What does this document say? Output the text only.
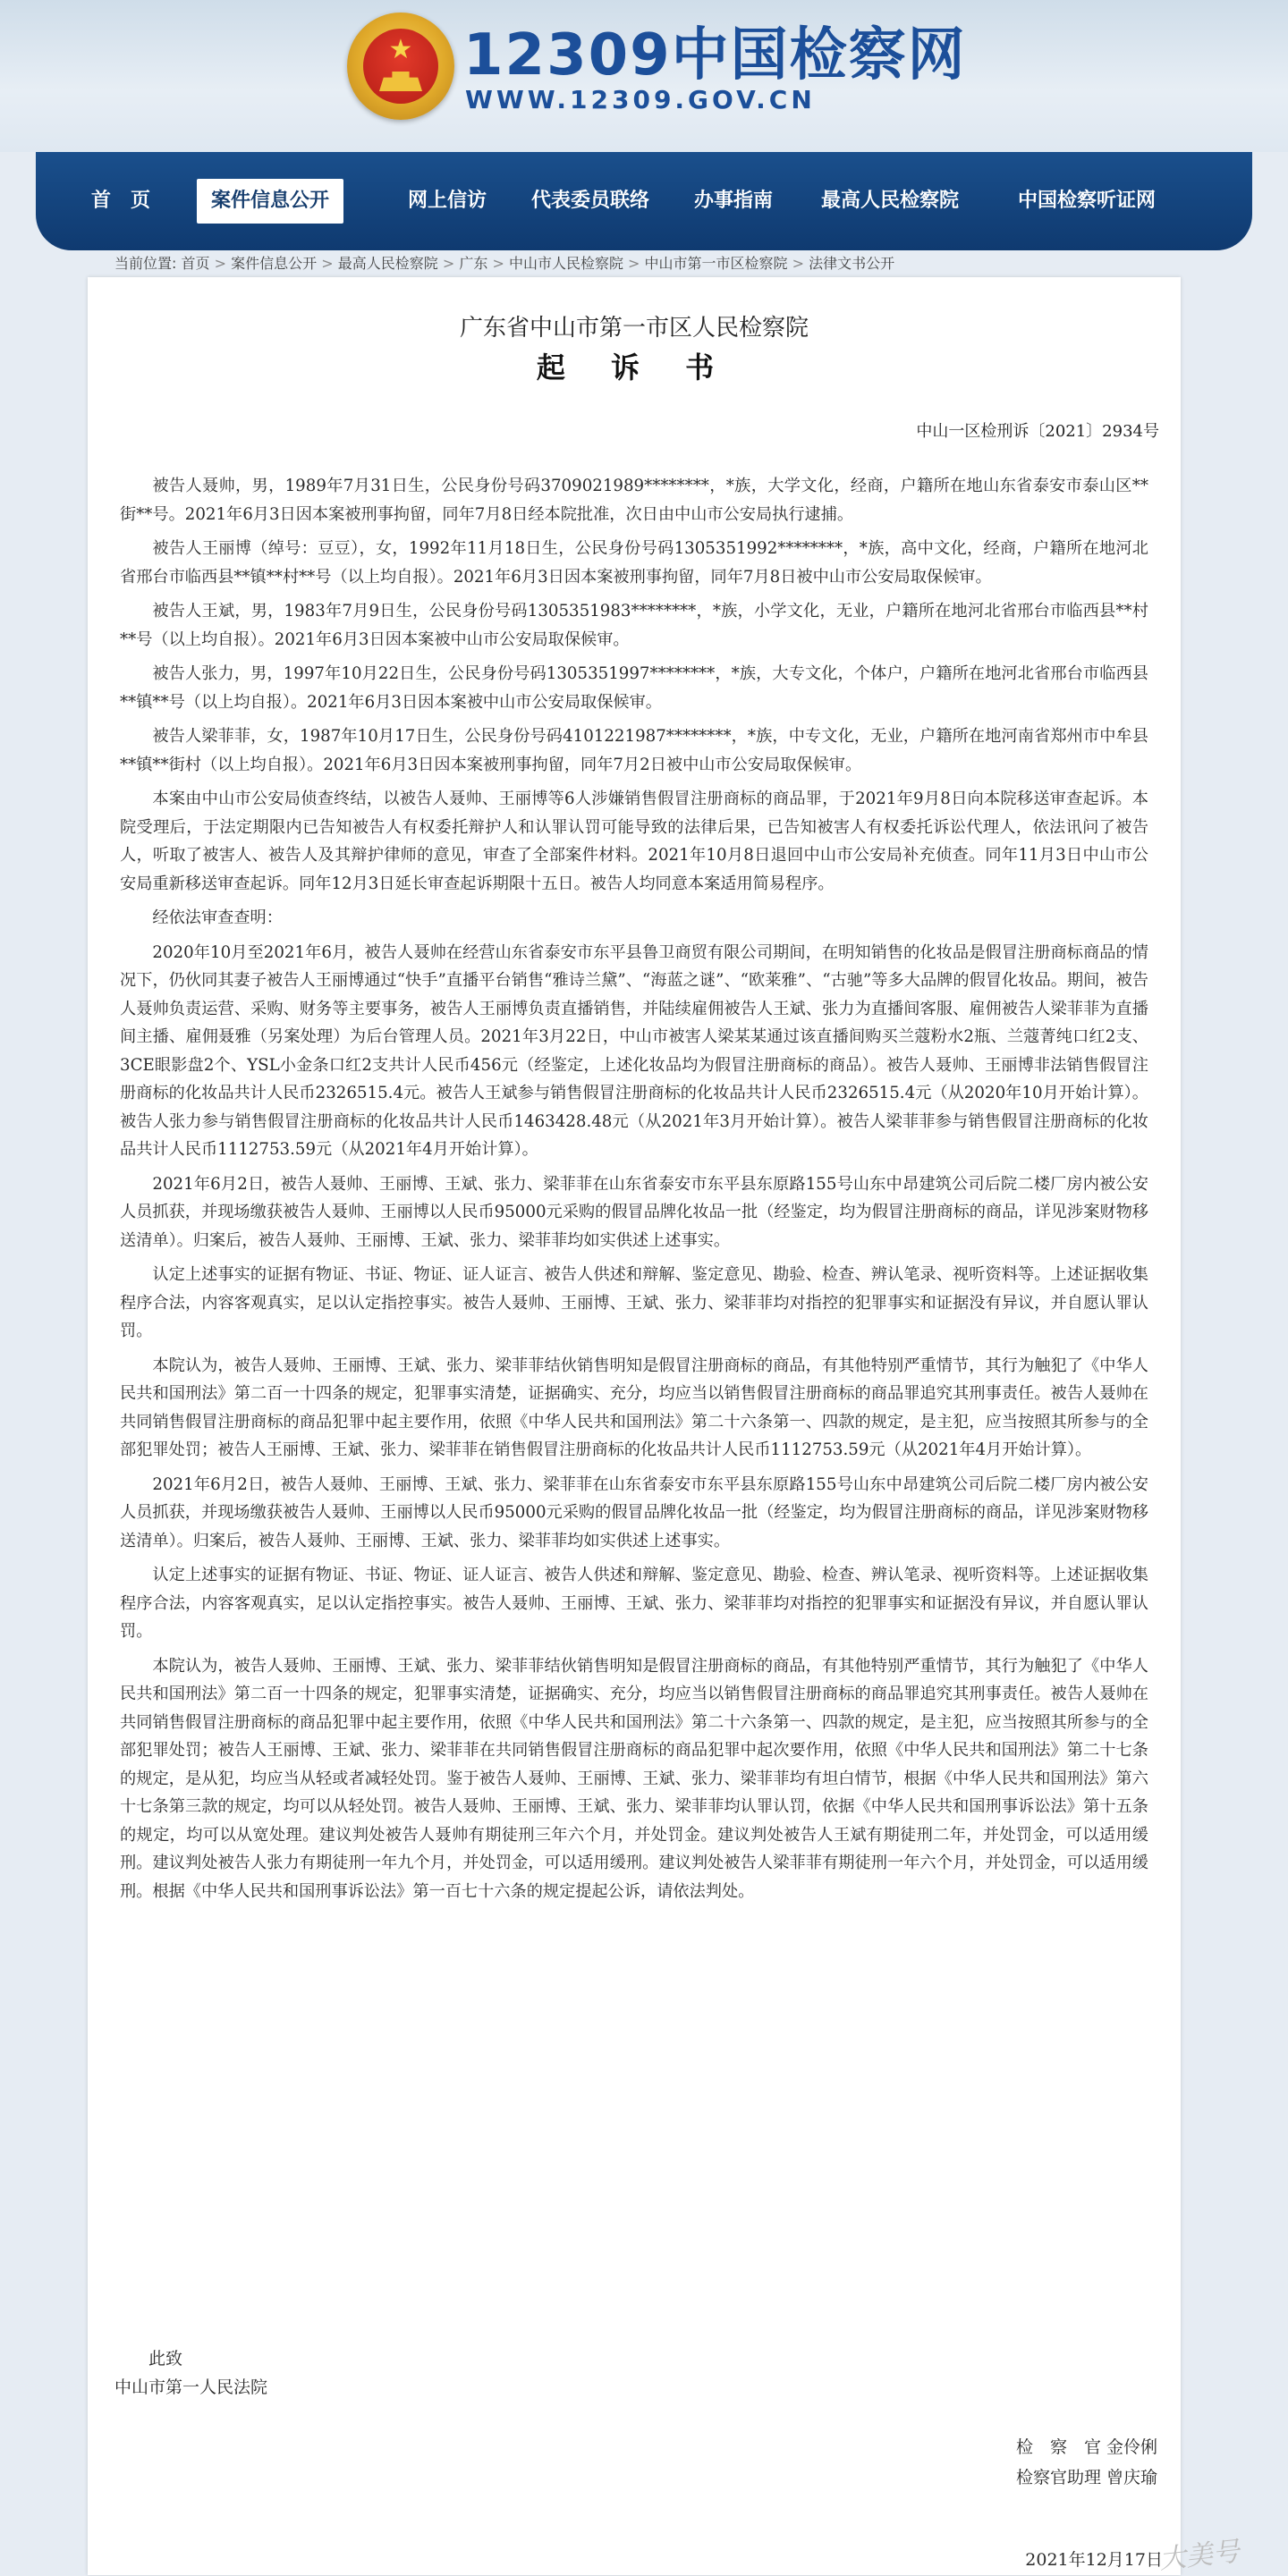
★
12309中国检察网
WWW.12309.GOV.CN
首　页	案件信息公开	网上信访	代表委员联络	办事指南	最高人民检察院	中国检察听证网
当前位置: 首页 > 案件信息公开 > 最高人民检察院 > 广东 > 中山市人民检察院 > 中山市第一市区检察院 > 法律文书公开
广东省中山市第一市区人民检察院
起 诉 书
中山一区检刑诉〔2021〕2934号

被告人聂帅，男，1989年7月31日生，公民身份号码3709021989********，*族，大学文化，经商，户籍所在地山东省泰安市泰山区**街**号。2021年6月3日因本案被刑事拘留，同年7月8日经本院批准，次日由中山市公安局执行逮捕。

被告人王丽博（绰号：豆豆），女，1992年11月18日生，公民身份号码1305351992********，*族，高中文化，经商，户籍所在地河北省邢台市临西县**镇**村**号（以上均自报）。2021年6月3日因本案被刑事拘留，同年7月8日被中山市公安局取保候审。

被告人王斌，男，1983年7月9日生，公民身份号码1305351983********，*族，小学文化，无业，户籍所在地河北省邢台市临西县**村**号（以上均自报）。2021年6月3日因本案被中山市公安局取保候审。

被告人张力，男，1997年10月22日生，公民身份号码1305351997********，*族，大专文化，个体户，户籍所在地河北省邢台市临西县**镇**号（以上均自报）。2021年6月3日因本案被中山市公安局取保候审。

被告人梁菲菲，女，1987年10月17日生，公民身份号码4101221987********，*族，中专文化，无业，户籍所在地河南省郑州市中牟县**镇**街村（以上均自报）。2021年6月3日因本案被刑事拘留，同年7月2日被中山市公安局取保候审。

本案由中山市公安局侦查终结，以被告人聂帅、王丽博等6人涉嫌销售假冒注册商标的商品罪，于2021年9月8日向本院移送审查起诉。本院受理后，于法定期限内已告知被告人有权委托辩护人和认罪认罚可能导致的法律后果，已告知被害人有权委托诉讼代理人，依法讯问了被告人，听取了被害人、被告人及其辩护律师的意见，审查了全部案件材料。2021年10月8日退回中山市公安局补充侦查。同年11月3日中山市公安局重新移送审查起诉。同年12月3日延长审查起诉期限十五日。被告人均同意本案适用简易程序。

经依法审查查明：

2020年10月至2021年6月，被告人聂帅在经营山东省泰安市东平县鲁卫商贸有限公司期间，在明知销售的化妆品是假冒注册商标商品的情况下，仍伙同其妻子被告人王丽博通过“快手”直播平台销售“雅诗兰黛”、“海蓝之谜”、“欧莱雅”、“古驰”等多大品牌的假冒化妆品。期间，被告人聂帅负责运营、采购、财务等主要事务，被告人王丽博负责直播销售，并陆续雇佣被告人王斌、张力为直播间客服、雇佣被告人梁菲菲为直播间主播、雇佣聂雅（另案处理）为后台管理人员。2021年3月22日，中山市被害人梁某某通过该直播间购买兰蔻粉水2瓶、兰蔻菁纯口红2支、3CE眼影盘2个、YSL小金条口红2支共计人民币456元（经鉴定，上述化妆品均为假冒注册商标的商品）。被告人聂帅、王丽博非法销售假冒注册商标的化妆品共计人民币2326515.4元。被告人王斌参与销售假冒注册商标的化妆品共计人民币2326515.4元（从2020年10月开始计算）。被告人张力参与销售假冒注册商标的化妆品共计人民币1463428.48元（从2021年3月开始计算）。被告人梁菲菲参与销售假冒注册商标的化妆品共计人民币1112753.59元（从2021年4月开始计算）。

2021年6月2日，被告人聂帅、王丽博、王斌、张力、梁菲菲在山东省泰安市东平县东原路155号山东中昂建筑公司后院二楼厂房内被公安人员抓获，并现场缴获被告人聂帅、王丽博以人民币95000元采购的假冒品牌化妆品一批（经鉴定，均为假冒注册商标的商品，详见涉案财物移送清单）。归案后，被告人聂帅、王丽博、王斌、张力、梁菲菲均如实供述上述事实。

认定上述事实的证据有物证、书证、物证、证人证言、被告人供述和辩解、鉴定意见、勘验、检查、辨认笔录、视听资料等。上述证据收集程序合法，内容客观真实，足以认定指控事实。被告人聂帅、王丽博、王斌、张力、梁菲菲均对指控的犯罪事实和证据没有异议，并自愿认罪认罚。

本院认为，被告人聂帅、王丽博、王斌、张力、梁菲菲结伙销售明知是假冒注册商标的商品，有其他特别严重情节，其行为触犯了《中华人民共和国刑法》第二百一十四条的规定，犯罪事实清楚，证据确实、充分，均应当以销售假冒注册商标的商品罪追究其刑事责任。被告人聂帅在共同销售假冒注册商标的商品犯罪中起主要作用，依照《中华人民共和国刑法》第二十六条第一、四款的规定，是主犯，应当按照其所参与的全部犯罪处罚；被告人王丽博、王斌、张力、梁菲菲在销售假冒注册商标的化妆品共计人民币1112753.59元（从2021年4月开始计算）。

2021年6月2日，被告人聂帅、王丽博、王斌、张力、梁菲菲在山东省泰安市东平县东原路155号山东中昂建筑公司后院二楼厂房内被公安人员抓获，并现场缴获被告人聂帅、王丽博以人民币95000元采购的假冒品牌化妆品一批（经鉴定，均为假冒注册商标的商品，详见涉案财物移送清单）。归案后，被告人聂帅、王丽博、王斌、张力、梁菲菲均如实供述上述事实。

认定上述事实的证据有物证、书证、物证、证人证言、被告人供述和辩解、鉴定意见、勘验、检查、辨认笔录、视听资料等。上述证据收集程序合法，内容客观真实，足以认定指控事实。被告人聂帅、王丽博、王斌、张力、梁菲菲均对指控的犯罪事实和证据没有异议，并自愿认罪认罚。

本院认为，被告人聂帅、王丽博、王斌、张力、梁菲菲结伙销售明知是假冒注册商标的商品，有其他特别严重情节，其行为触犯了《中华人民共和国刑法》第二百一十四条的规定，犯罪事实清楚，证据确实、充分，均应当以销售假冒注册商标的商品罪追究其刑事责任。被告人聂帅在共同销售假冒注册商标的商品犯罪中起主要作用，依照《中华人民共和国刑法》第二十六条第一、四款的规定，是主犯，应当按照其所参与的全部犯罪处罚；被告人王丽博、王斌、张力、梁菲菲在共同销售假冒注册商标的商品犯罪中起次要作用，依照《中华人民共和国刑法》第二十七条的规定，是从犯，均应当从轻或者减轻处罚。鉴于被告人聂帅、王丽博、王斌、张力、梁菲菲均有坦白情节，根据《中华人民共和国刑法》第六十七条第三款的规定，均可以从轻处罚。被告人聂帅、王丽博、王斌、张力、梁菲菲均认罪认罚，依据《中华人民共和国刑事诉讼法》第十五条的规定，均可以从宽处理。建议判处被告人聂帅有期徒刑三年六个月，并处罚金。建议判处被告人王斌有期徒刑二年，并处罚金，可以适用缓刑。建议判处被告人张力有期徒刑一年九个月，并处罚金，可以适用缓刑。建议判处被告人梁菲菲有期徒刑一年六个月，并处罚金，可以适用缓刑。根据《中华人民共和国刑事诉讼法》第一百七十六条的规定提起公诉，请依法判处。

此致

中山市第一人民法院

检　察　官 金伶俐

检察官助理 曾庆瑜

2021年12月17日
大美号
